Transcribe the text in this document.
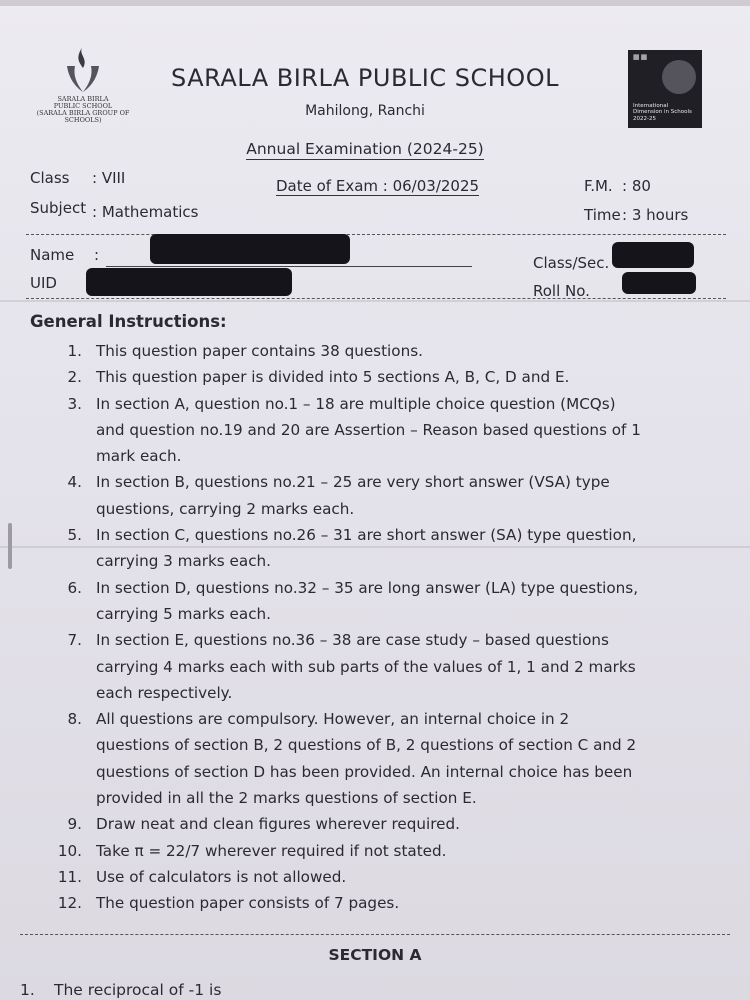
SARALA BIRLA
PUBLIC SCHOOL
(SARALA BIRLA GROUP OF SCHOOLS)
▦▦
International Dimension in Schools 2022-25
SARALA BIRLA PUBLIC SCHOOL
Mahilong, Ranchi
Annual Examination (2024-25)
Class : VIII	Date of Exam : 06/03/2025	F.M. : 80
Subject : Mathematics	Time : 3 hours
Name :	Class/Sec.
UID	Roll No.
General Instructions:
1. This question paper contains 38 questions.
2. This question paper is divided into 5 sections A, B, C, D and E.
3. In section A, question no.1 – 18 are multiple choice question (MCQs)
and question no.19 and 20 are Assertion – Reason based questions of 1
mark each.
4. In section B, questions no.21 – 25 are very short answer (VSA) type
questions, carrying 2 marks each.
5. In section C, questions no.26 – 31 are short answer (SA) type question,
carrying 3 marks each.
6. In section D, questions no.32 – 35 are long answer (LA) type questions,
carrying 5 marks each.
7. In section E, questions no.36 – 38 are case study – based questions
carrying 4 marks each with sub parts of the values of 1, 1 and 2 marks
each respectively.
8. All questions are compulsory. However, an internal choice in 2
questions of section B, 2 questions of B, 2 questions of section C and 2
questions of section D has been provided. An internal choice has been
provided in all the 2 marks questions of section E.
9. Draw neat and clean figures wherever required.
10. Take π = 22/7 wherever required if not stated.
11. Use of calculators is not allowed.
12. The question paper consists of 7 pages.
SECTION A
1. The reciprocal of -1 is
